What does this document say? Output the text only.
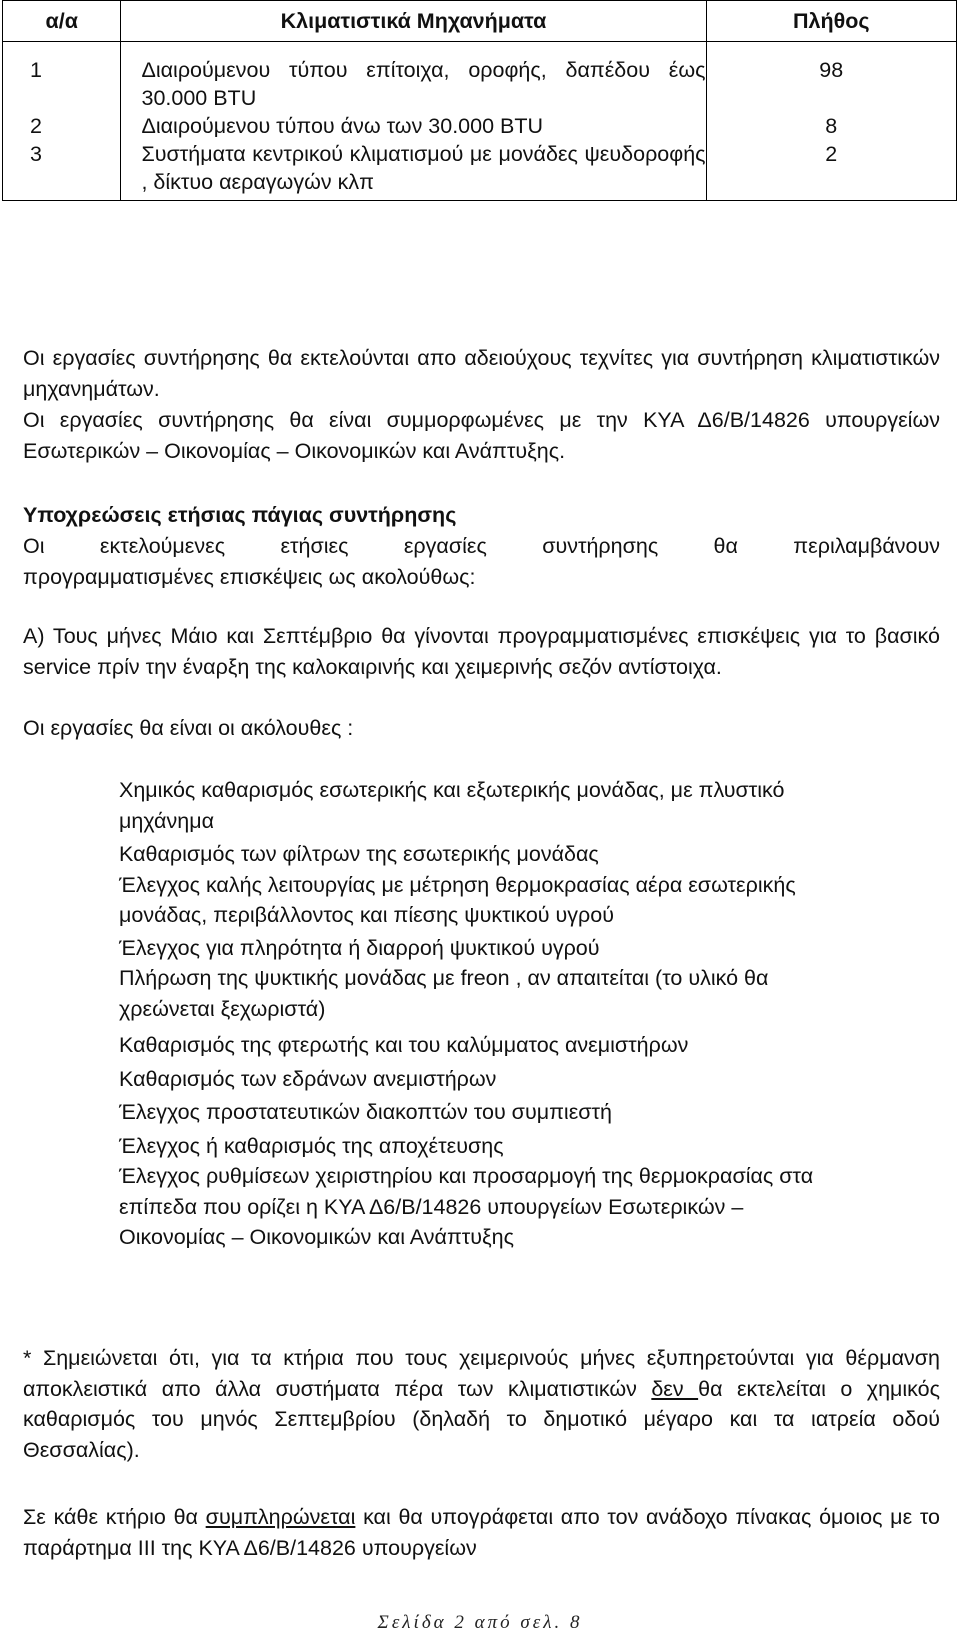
α/α	Κλιματιστικά Μηχανήματα	Πλήθος

1	Διαιρούμενου τύπου επίτοιχα, οροφής, δαπέδου έως 30.000 BTU	98
2	Διαιρούμενου τύπου άνω των 30.000 BTU	8
3	Συστήματα κεντρικού κλιματισμού με μονάδες ψευδοροφής , δίκτυο αεραγωγών κλπ	2
Οι εργασίες συντήρησης θα εκτελούνται απο αδειούχους τεχνίτες για συντήρηση κλιματιστικών μηχανημάτων.
Οι εργασίες συντήρησης θα είναι συμμορφωμένες με την ΚΥΑ Δ6/Β/14826 υπουργείων Εσωτερικών – Οικονομίας – Οικονομικών και Ανάπτυξης.
Υποχρεώσεις ετήσιας πάγιας συντήρησης
Οι εκτελούμενες ετήσιες εργασίες συντήρησης θα περιλαμβάνουν
προγραμματισμένες επισκέψεις ως ακολούθως:
Α) Τους μήνες Μάιο και Σεπτέμβριο θα γίνονται προγραμματισμένες επισκέψεις για το βασικό service πρίν την έναρξη της καλοκαιρινής και χειμερινής σεζόν αντίστοιχα.
Οι εργασίες θα είναι οι ακόλουθες :

Χημικός καθαρισμός εσωτερικής και εξωτερικής μονάδας, με πλυστικό μηχάνημα

Καθαρισμός των φίλτρων της εσωτερικής μονάδας

Έλεγχος καλής λειτουργίας με μέτρηση θερμοκρασίας αέρα εσωτερικής μονάδας, περιβάλλοντος και πίεσης ψυκτικού υγρού

Έλεγχος για πληρότητα ή διαρροή ψυκτικού υγρού

Πλήρωση της ψυκτικής μονάδας με freon , αν απαιτείται (το υλικό θα χρεώνεται ξεχωριστά)

Καθαρισμός της φτερωτής και του καλύμματος ανεμιστήρων

Καθαρισμός των εδράνων ανεμιστήρων

Έλεγχος προστατευτικών διακοπτών του συμπιεστή

Έλεγχος ή καθαρισμός της αποχέτευσης

Έλεγχος ρυθμίσεων χειριστηρίου και προσαρμογή της θερμοκρασίας στα επίπεδα που ορίζει η ΚΥΑ Δ6/Β/14826 υπουργείων Εσωτερικών – Οικονομίας – Οικονομικών και Ανάπτυξης

* Σημειώνεται ότι, για τα κτήρια που τους χειμερινούς μήνες εξυπηρετούνται για θέρμανση αποκλειστικά απο άλλα συστήματα πέρα των κλιματιστικών δεν θα εκτελείται ο χημικός καθαρισμός του μηνός Σεπτεμβρίου (δηλαδή το δημοτικό μέγαρο και τα ιατρεία οδού Θεσσαλίας).
Σε κάθε κτήριο θα συμπληρώνεται και θα υπογράφεται απο τον ανάδοχο πίνακας όμοιος με το παράρτημα ΙΙΙ της ΚΥΑ Δ6/Β/14826 υπουργείων
Σελίδα 2 από σελ. 8
